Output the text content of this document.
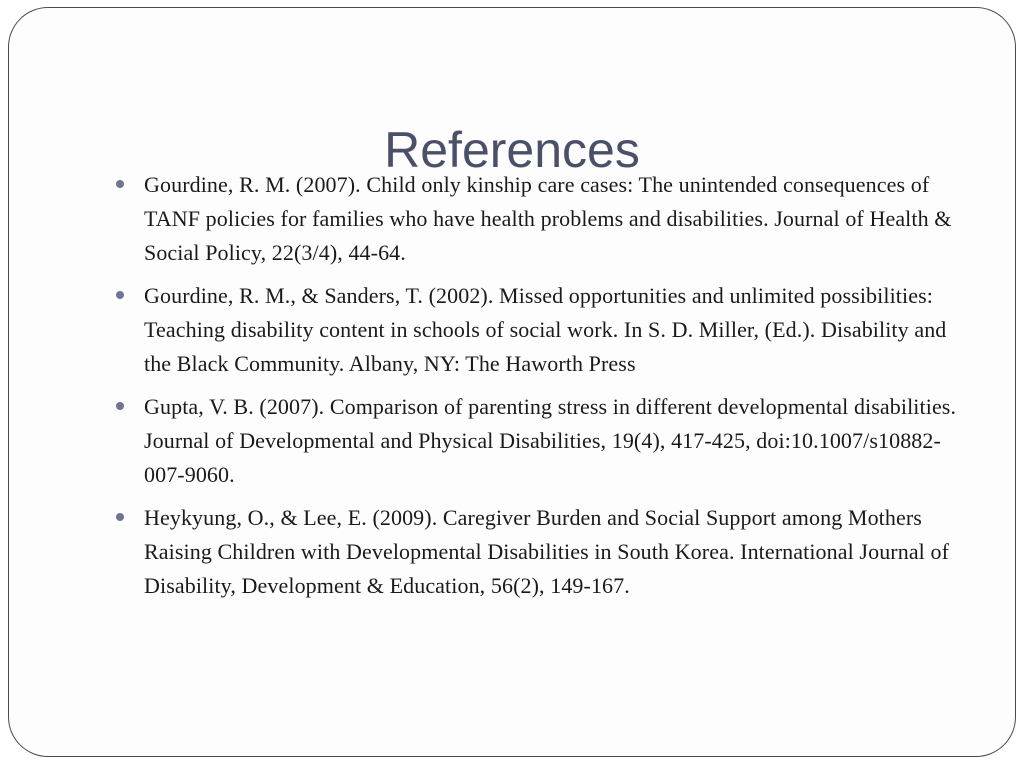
References
Gourdine, R. M. (2007). Child only kinship care cases: The unintended consequences of TANF policies for families who have health problems and disabilities. Journal of Health & Social Policy, 22(3/4), 44-64.
Gourdine, R. M., & Sanders, T. (2002). Missed opportunities and unlimited possibilities: Teaching disability content in schools of social work. In S. D. Miller, (Ed.). Disability and the Black Community. Albany, NY: The Haworth Press
Gupta, V. B. (2007). Comparison of parenting stress in different developmental disabilities. Journal of Developmental and Physical Disabilities, 19(4), 417-425, doi:10.1007/s10882-007-9060.
Heykyung, O., & Lee, E. (2009). Caregiver Burden and Social Support among Mothers Raising Children with Developmental Disabilities in South Korea. International Journal of Disability, Development & Education, 56(2), 149-167.
